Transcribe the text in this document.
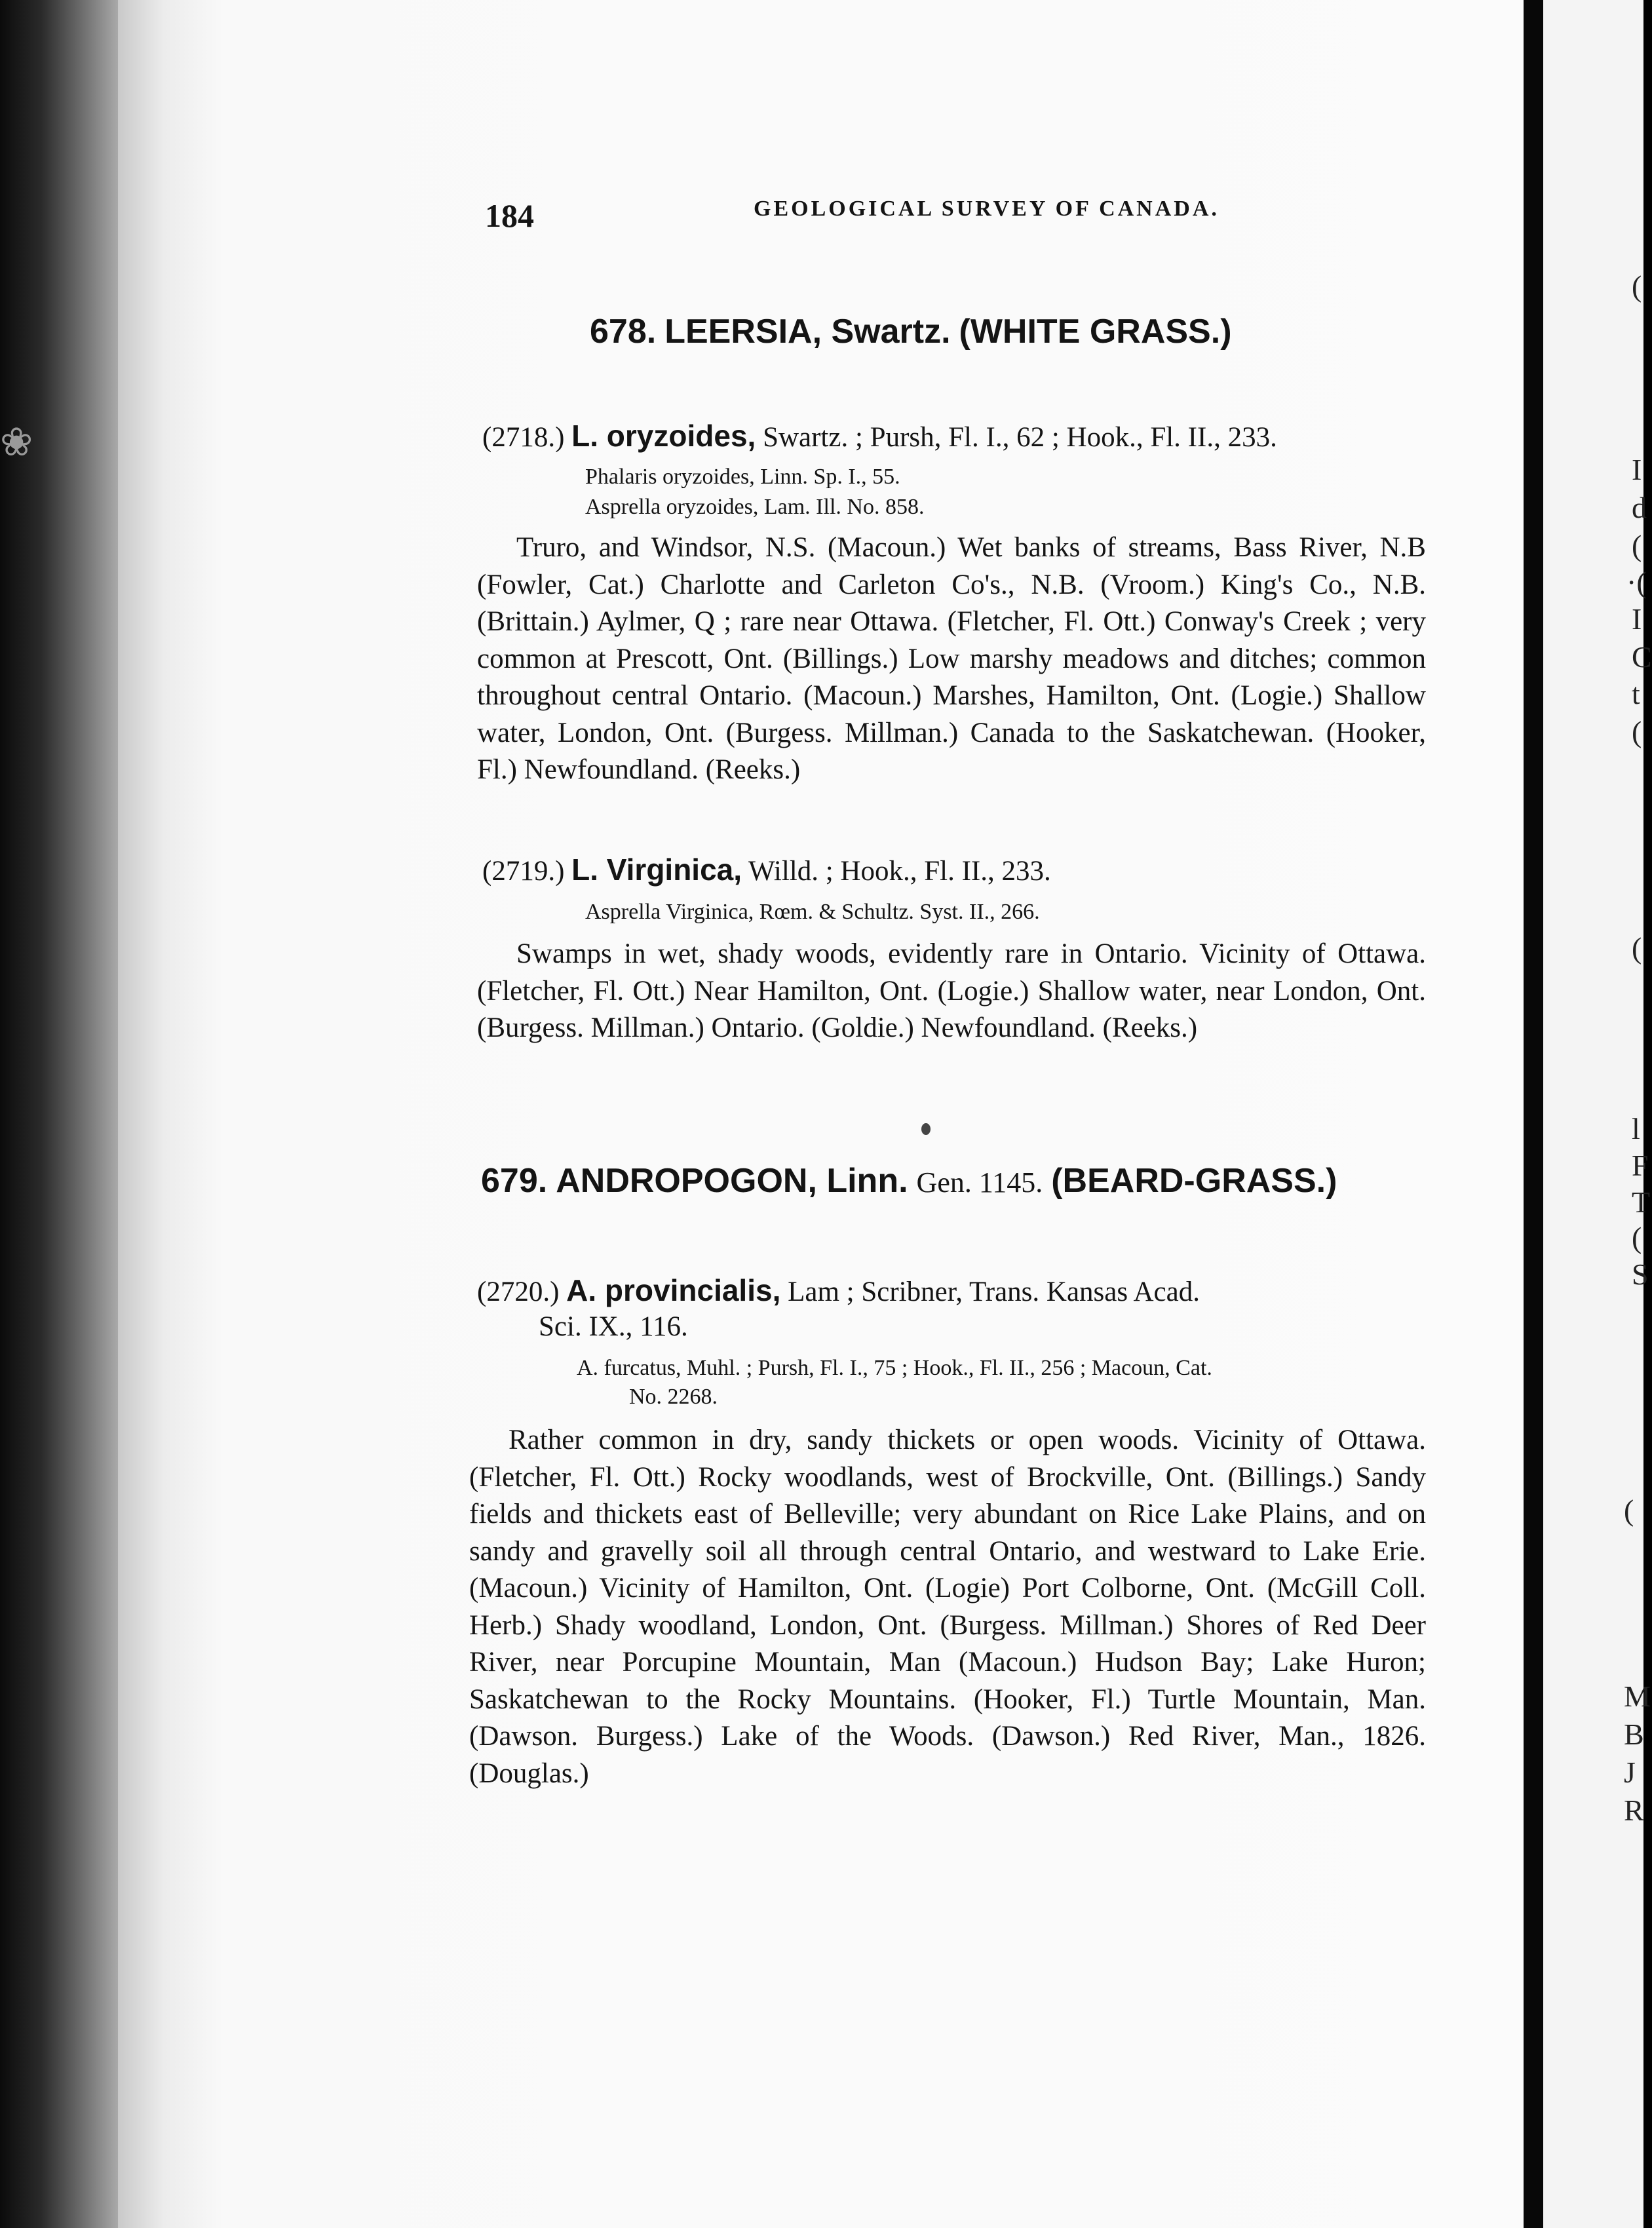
❀
184	GEOLOGICAL SURVEY OF CANADA.
678. LEERSIA, Swartz. (WHITE GRASS.)
(2718.) L. oryzoides, Swartz. ; Pursh, Fl. I., 62 ; Hook., Fl. II., 233.
Phalaris oryzoides, Linn. Sp. I., 55.
Asprella oryzoides, Lam. Ill. No. 858.
Truro, and Windsor, N.S. (Macoun.) Wet banks of streams, Bass River, N.B (Fowler, Cat.) Charlotte and Carleton Co's., N.B. (Vroom.) King's Co., N.B. (Brittain.) Aylmer, Q ; rare near Ottawa. (Fletcher, Fl. Ott.) Conway's Creek ; very common at Prescott, Ont. (Billings.) Low marshy meadows and ditches; common throughout central Ontario. (Macoun.) Marshes, Hamilton, Ont. (Logie.) Shallow water, London, Ont. (Burgess. Millman.) Canada to the Saskatchewan. (Hooker, Fl.) Newfoundland. (Reeks.)
(2719.) L. Virginica, Willd. ; Hook., Fl. II., 233.
Asprella Virginica, Rœm. & Schultz. Syst. II., 266.
Swamps in wet, shady woods, evidently rare in Ontario. Vicinity of Ottawa. (Fletcher, Fl. Ott.) Near Hamilton, Ont. (Logie.) Shallow water, near London, Ont. (Burgess. Millman.) Ontario. (Goldie.) Newfoundland. (Reeks.)
679. ANDROPOGON, Linn. Gen. 1145. (BEARD-GRASS.)
(2720.) A. provincialis, Lam ; Scribner, Trans. Kansas Acad.
Sci. IX., 116.
A. furcatus, Muhl. ; Pursh, Fl. I., 75 ; Hook., Fl. II., 256 ; Macoun, Cat.
No. 2268.
Rather common in dry, sandy thickets or open woods. Vicinity of Ottawa. (Fletcher, Fl. Ott.) Rocky woodlands, west of Brockville, Ont. (Billings.) Sandy fields and thickets east of Belleville; very abundant on Rice Lake Plains, and on sandy and gravelly soil all through central Ontario, and westward to Lake Erie. (Macoun.) Vicinity of Hamilton, Ont. (Logie) Port Colborne, Ont. (McGill Coll. Herb.) Shady woodland, London, Ont. (Burgess. Millman.) Shores of Red Deer River, near Porcupine Mountain, Man (Macoun.) Hudson Bay; Lake Huron; Saskatchewan to the Rocky Mountains. (Hooker, Fl.) Turtle Mountain, Man. (Dawson. Burgess.) Lake of the Woods. (Dawson.) Red River, Man., 1826. (Douglas.)
(
I
d
(
·(
I
C
t
(
(
l
F
T
(
S
(
M
B
J
R
